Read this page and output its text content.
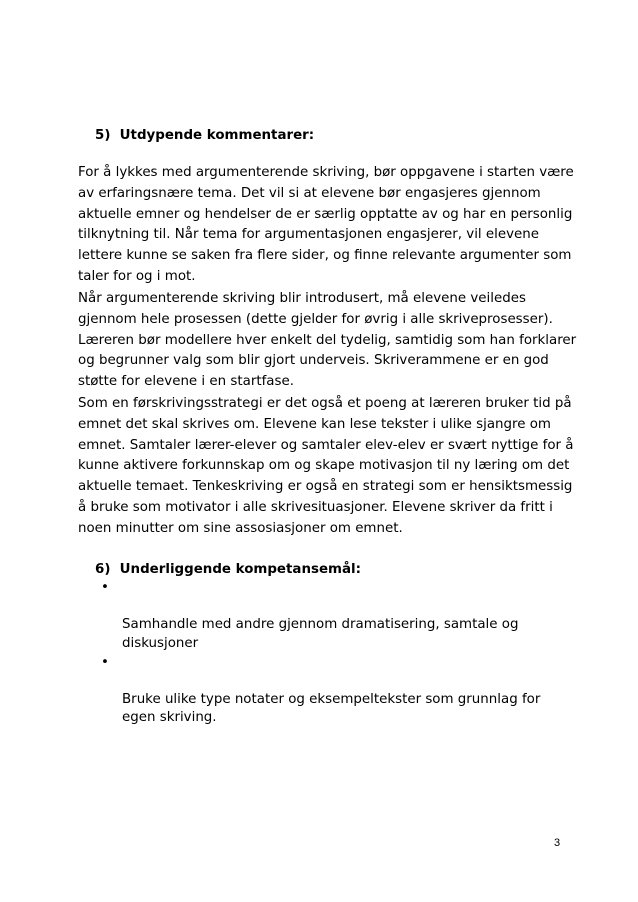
5) Utdypende kommentarer:

For å lykkes med argumenterende skriving, bør oppgavene i starten være
av erfaringsnære tema. Det vil si at elevene bør engasjeres gjennom
aktuelle emner og hendelser de er særlig opptatte av og har en personlig
tilknytning til. Når tema for argumentasjonen engasjerer, vil elevene
lettere kunne se saken fra flere sider, og finne relevante argumenter som
taler for og i mot.

Når argumenterende skriving blir introdusert, må elevene veiledes
gjennom hele prosessen (dette gjelder for øvrig i alle skriveprosesser).
Læreren bør modellere hver enkelt del tydelig, samtidig som han forklarer
og begrunner valg som blir gjort underveis. Skriverammene er en god
støtte for elevene i en startfase.

Som en førskrivingsstrategi er det også et poeng at læreren bruker tid på
emnet det skal skrives om. Elevene kan lese tekster i ulike sjangre om
emnet. Samtaler lærer-elever og samtaler elev-elev er svært nyttige for å
kunne aktivere forkunnskap om og skape motivasjon til ny læring om det
aktuelle temaet. Tenkeskriving er også en strategi som er hensiktsmessig
å bruke som motivator i alle skrivesituasjoner. Elevene skriver da fritt i
noen minutter om sine assosiasjoner om emnet.

6) Underliggende kompetansemål:

•

Samhandle med andre gjennom dramatisering, samtale og
diskusjoner

•

Bruke ulike type notater og eksempeltekster som grunnlag for
egen skriving.

3
